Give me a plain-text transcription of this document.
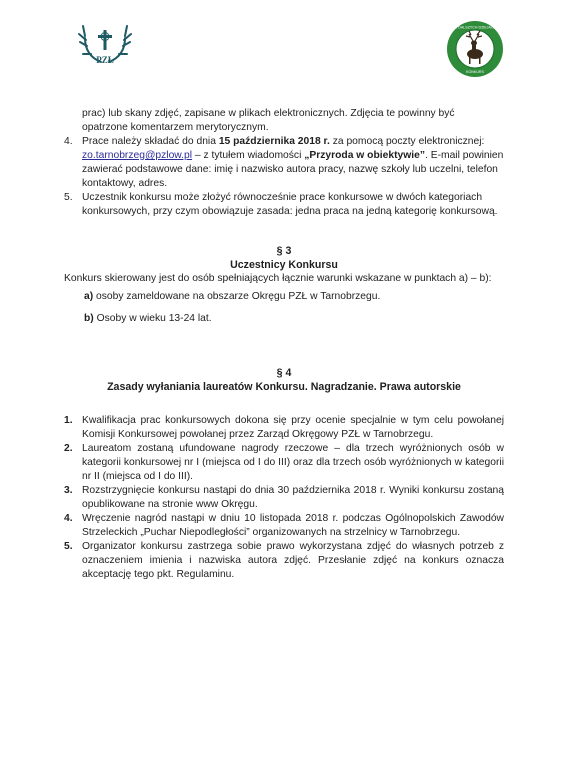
PZŁ
W DALSZYCH DZIEJACH
KONKURS

prac) lub skany zdjęć, zapisane w plikach elektronicznych. Zdjęcia te powinny być
opatrzone komentarzem merytorycznym.

4. Prace należy składać do dnia 15 października 2018 r. za pomocą poczty elektronicznej: zo.tarnobrzeg@pzlow.pl – z tytułem wiadomości „Przyroda w obiektywie”. E-mail powinien zawierać podstawowe dane: imię i nazwisko autora pracy, nazwę szkoły lub uczelni, telefon kontaktowy, adres.
5. Uczestnik konkursu może złożyć równocześnie prace konkursowe w dwóch kategoriach konkursowych, przy czym obowiązuje zasada: jedna praca na jedną kategorię konkursową.
§ 3
Uczestnicy Konkursu

Konkurs skierowany jest do osób spełniających łącznie warunki wskazane w punktach a) – b):

a) osoby zameldowane na obszarze Okręgu PZŁ w Tarnobrzegu.

b) Osoby w wieku 13-24 lat.

§ 4
Zasady wyłaniania laureatów Konkursu. Nagradzanie. Prawa autorskie
1. Kwalifikacja prac konkursowych dokona się przy ocenie specjalnie w tym celu powołanej Komisji Konkursowej powołanej przez Zarząd Okręgowy PZŁ w Tarnobrzegu.
2. Laureatom zostaną ufundowane nagrody rzeczowe – dla trzech wyróżnionych osób w kategorii konkursowej nr I (miejsca od I do III) oraz dla trzech osób wyróżnionych w kategorii nr II (miejsca od I do III).
3. Rozstrzygnięcie konkursu nastąpi do dnia 30 października 2018 r. Wyniki konkursu zostaną opublikowane na stronie www Okręgu.
4. Wręczenie nagród nastąpi w dniu 10 listopada 2018 r. podczas Ogólnopolskich Zawodów Strzeleckich „Puchar Niepodległości” organizowanych na strzelnicy w Tarnobrzegu.
5. Organizator konkursu zastrzega sobie prawo wykorzystana zdjęć do własnych potrzeb z oznaczeniem imienia i nazwiska autora zdjęć. Przesłanie zdjęć na konkurs oznacza akceptację tego pkt. Regulaminu.
